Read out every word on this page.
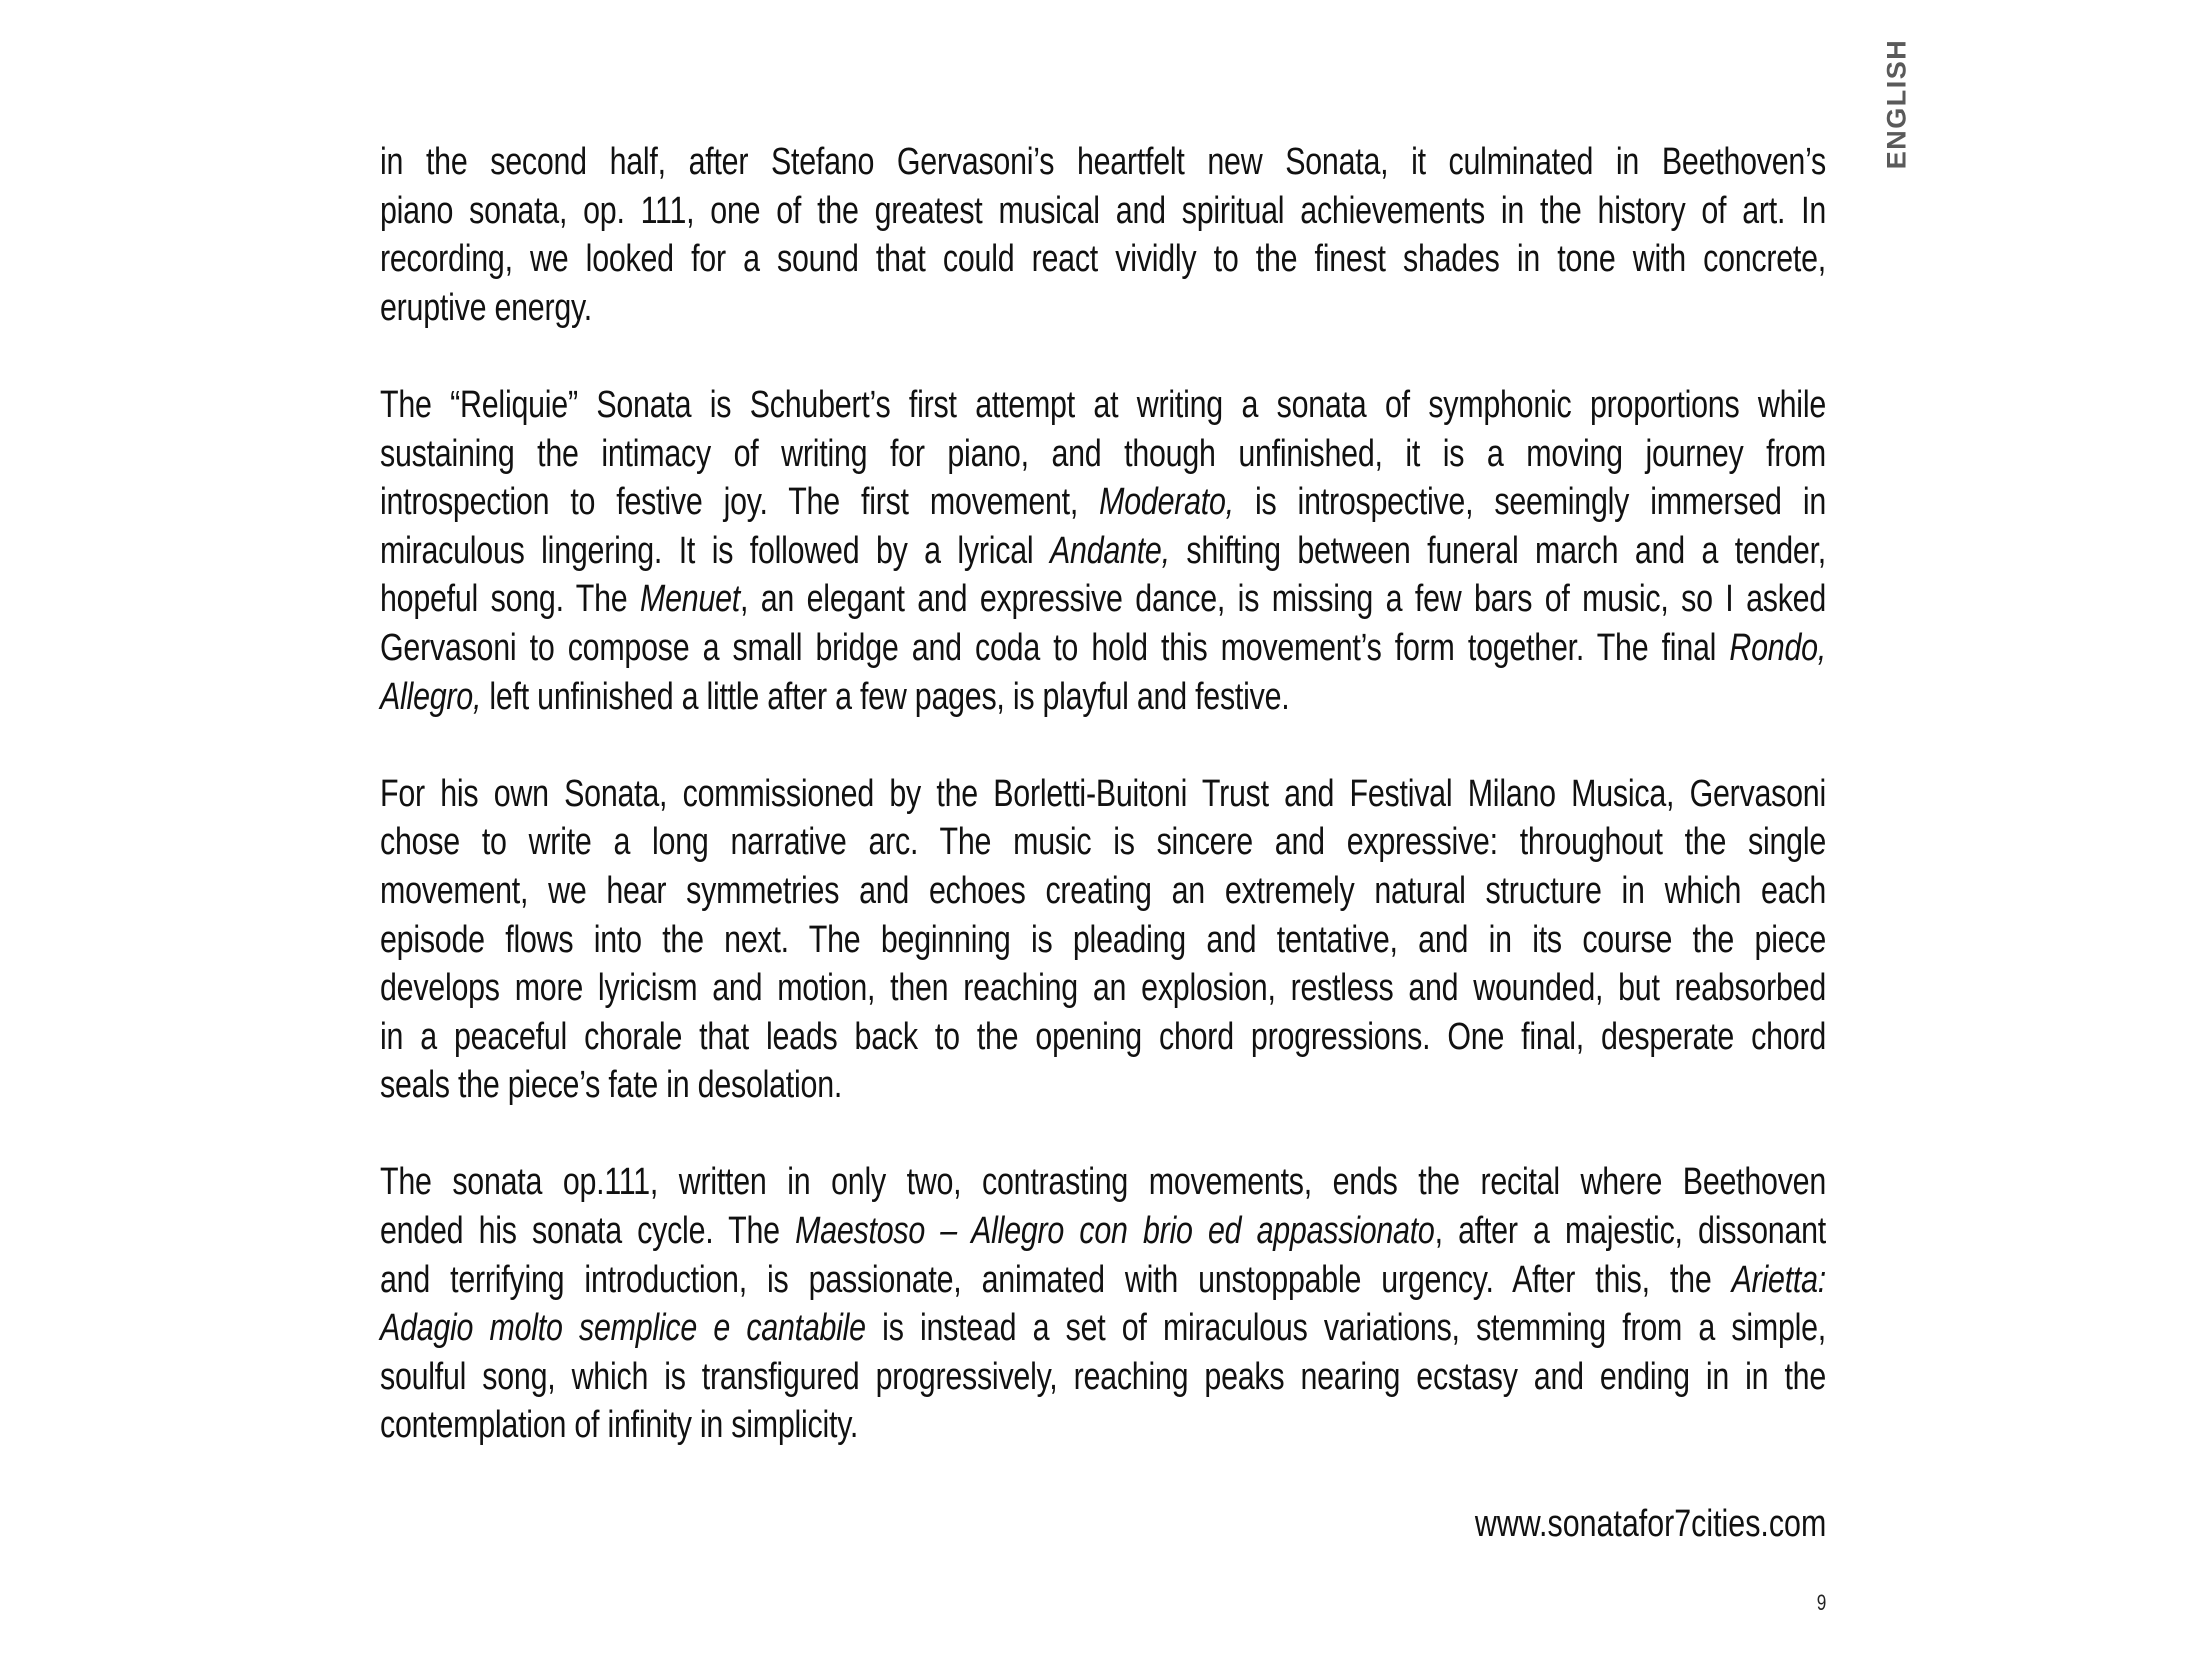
ENGLISH

in the second half, after Stefano Gervasoni’s heartfelt new Sonata, it culminated in Beethoven’s
piano sonata, op. 111, one of the greatest musical and spiritual achievements in the history of art. In
recording, we looked for a sound that could react vividly to the finest shades in tone with concrete,
eruptive energy.

The “Reliquie” Sonata is Schubert’s first attempt at writing a sonata of symphonic proportions while
sustaining the intimacy of writing for piano, and though unfinished, it is a moving journey from
introspection to festive joy. The first movement, Moderato, is introspective, seemingly immersed in
miraculous lingering. It is followed by a lyrical Andante, shifting between funeral march and a tender,
hopeful song. The Menuet, an elegant and expressive dance, is missing a few bars of music, so I asked
Gervasoni to compose a small bridge and coda to hold this movement’s form together. The final Rondo,
Allegro, left unfinished a little after a few pages, is playful and festive.

For his own Sonata, commissioned by the Borletti-Buitoni Trust and Festival Milano Musica, Gervasoni
chose to write a long narrative arc. The music is sincere and expressive: throughout the single
movement, we hear symmetries and echoes creating an extremely natural structure in which each
episode flows into the next. The beginning is pleading and tentative, and in its course the piece
develops more lyricism and motion, then reaching an explosion, restless and wounded, but reabsorbed
in a peaceful chorale that leads back to the opening chord progressions. One final, desperate chord
seals the piece’s fate in desolation.

The sonata op.111, written in only two, contrasting movements, ends the recital where Beethoven
ended his sonata cycle. The Maestoso – Allegro con brio ed appassionato, after a majestic, dissonant
and terrifying introduction, is passionate, animated with unstoppable urgency. After this, the Arietta:
Adagio molto semplice e cantabile is instead a set of miraculous variations, stemming from a simple,
soulful song, which is transfigured progressively, reaching peaks nearing ecstasy and ending in in the
contemplation of infinity in simplicity.

www.sonatafor7cities.com
9
